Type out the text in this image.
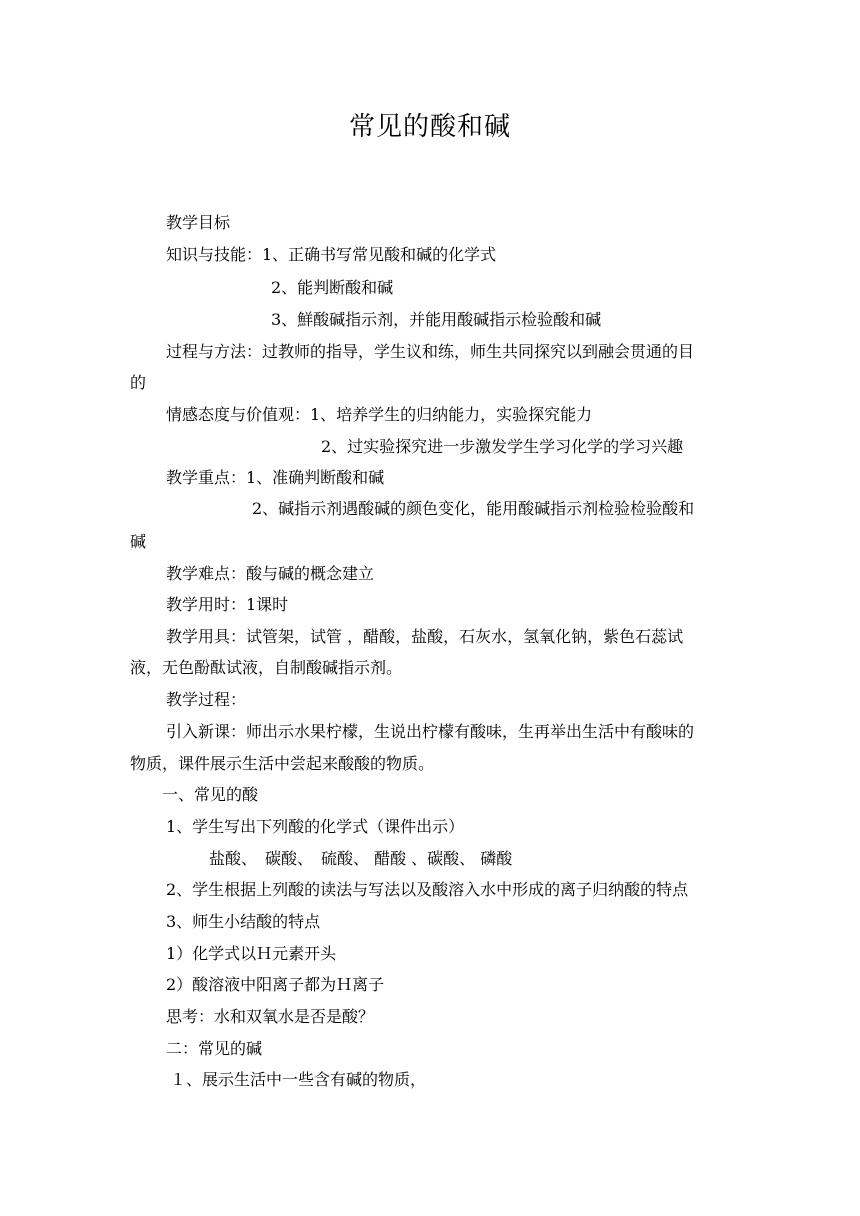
常见的酸和碱
教学目标
知识与技能：1、正确书写常见酸和碱的化学式
2、能判断酸和碱
3、鮮酸碱指示剂，并能用酸碱指示检验酸和碱
过程与方法：过教师的指导，学生议和练，师生共同探究以到融会贯通的目
的
情感态度与价值观：1、培养学生的归纳能力，实验探究能力
2、过实验探究进一步激发学生学习化学的学习兴趣
教学重点：1、准确判断酸和碱
2、碱指示剂遇酸碱的颜色变化，能用酸碱指示剂检验检验酸和
碱
教学难点：酸与碱的概念建立
教学用时：1课时
教学用具：试管架，试管 ，醋酸，盐酸，石灰水，氢氧化钠，紫色石蕊试
液，无色酚酞试液，自制酸碱指示剂。
教学过程：
引入新课：师出示水果柠檬，生说出柠檬有酸味，生再举出生活中有酸味的
物质，课件展示生活中尝起来酸酸的物质。
一、常见的酸
1、学生写出下列酸的化学式（课件出示）
盐酸、　碳酸、　硫酸、 醋酸 、碳酸、 磷酸
2、学生根据上列酸的读法与写法以及酸溶入水中形成的离子归纳酸的特点
3、师生小结酸的特点
1）化学式以Ｈ元素开头
2）酸溶液中阳离子都为Ｈ离子
思考：水和双氧水是否是酸？
二：常见的碱
１、展示生活中一些含有碱的物质，
